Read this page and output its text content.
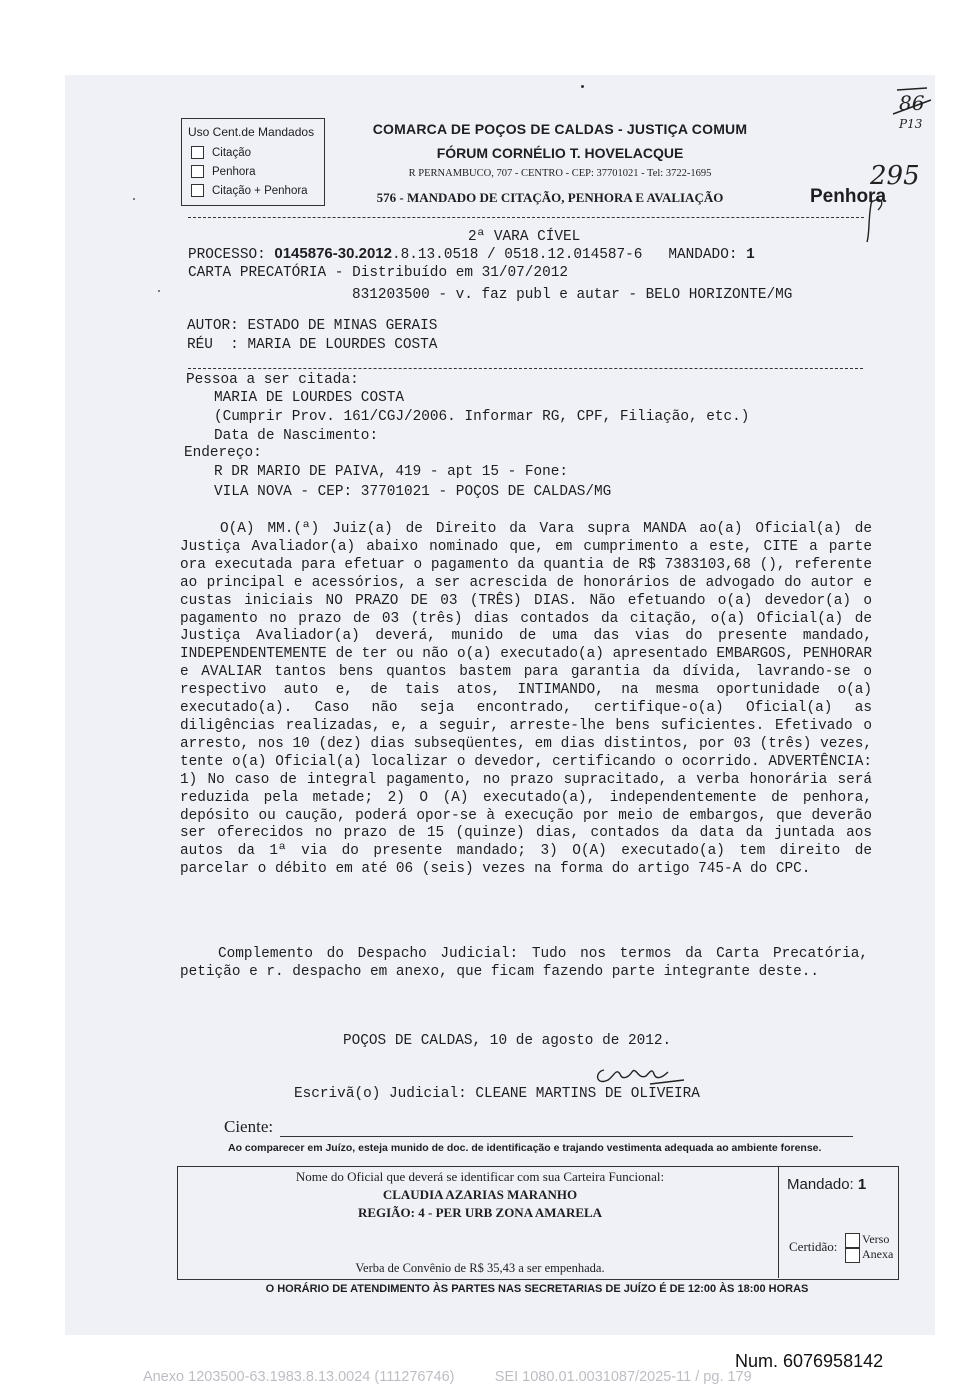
Uso Cent.de Mandados
Citação
Penhora
Citação + Penhora
COMARCA DE POÇOS DE CALDAS - JUSTIÇA COMUM
FÓRUM CORNÉLIO T. HOVELACQUE
R PERNAMBUCO, 707 - CENTRO - CEP: 37701021 - Tel: 3722-1695
576 - MANDADO DE CITAÇÃO, PENHORA E AVALIAÇÃO	Penhora
86
P13
295
2ª VARA CÍVEL
PROCESSO: 0145876-30.2012.8.13.0518 / 0518.12.014587-6 MANDADO: 1
CARTA PRECATÓRIA - Distribuído em 31/07/2012
831203500 - v. faz publ e autar - BELO HORIZONTE/MG
AUTOR: ESTADO DE MINAS GERAIS
RÉU  : MARIA DE LOURDES COSTA
Pessoa a ser citada:
MARIA DE LOURDES COSTA
(Cumprir Prov. 161/CGJ/2006. Informar RG, CPF, Filiação, etc.)
Data de Nascimento:
Endereço:
R DR MARIO DE PAIVA, 419 - apt 15 - Fone:
VILA NOVA - CEP: 37701021 - POÇOS DE CALDAS/MG
O(A) MM.(ª) Juiz(a) de Direito da Vara supra MANDA ao(a) Oficial(a) de Justiça Avaliador(a) abaixo nominado que, em cumprimento a este, CITE a parte ora executada para efetuar o pagamento da quantia de R$ 7383103,68 (), referente ao principal e acessórios, a ser acrescida de honorários de advogado do autor e custas iniciais NO PRAZO DE 03 (TRÊS) DIAS. Não efetuando o(a) devedor(a) o pagamento no prazo de 03 (três) dias contados da citação, o(a) Oficial(a) de Justiça Avaliador(a) deverá, munido de uma das vias do presente mandado, INDEPENDENTEMENTE de ter ou não o(a) executado(a) apresentado EMBARGOS, PENHORAR e AVALIAR tantos bens quantos bastem para garantia da dívida, lavrando-se o respectivo auto e, de tais atos, INTIMANDO, na mesma oportunidade o(a) executado(a). Caso não seja encontrado, certifique-o(a) Oficial(a) as diligências realizadas, e, a seguir, arreste-lhe bens suficientes. Efetivado o arresto, nos 10 (dez) dias subseqüentes, em dias distintos, por 03 (três) vezes, tente o(a) Oficial(a) localizar o devedor, certificando o ocorrido. ADVERTÊNCIA: 1) No caso de integral pagamento, no prazo supracitado, a verba honorária será reduzida pela metade; 2) O (A) executado(a), independentemente de penhora, depósito ou caução, poderá opor-se à execução por meio de embargos, que deverão ser oferecidos no prazo de 15 (quinze) dias, contados da data da juntada aos autos da 1ª via do presente mandado; 3) O(A) executado(a) tem direito de parcelar o débito em até 06 (seis) vezes na forma do artigo 745-A do CPC.
Complemento do Despacho Judicial: Tudo nos termos da Carta Precatória, petição e r. despacho em anexo, que ficam fazendo parte integrante deste..
POÇOS DE CALDAS, 10 de agosto de 2012.
Escrivã(o) Judicial: CLEANE MARTINS DE OLIVEIRA
Ciente:
Ao comparecer em Juízo, esteja munido de doc. de identificação e trajando vestimenta adequada ao ambiente forense.
Nome do Oficial que deverá se identificar com sua Carteira Funcional:
CLAUDIA AZARIAS MARANHO
REGIÃO: 4 - PER URB ZONA AMARELA
Verba de Convênio de R$ 35,43 a ser empenhada.
Mandado: 1
Certidão: Verso
Anexa
O HORÁRIO DE ATENDIMENTO ÀS PARTES NAS SECRETARIAS DE JUÍZO É DE 12:00 ÀS 18:00 HORAS
Num. 6076958142
Anexo 1203500-63.1983.8.13.0024 (111276746)          SEI 1080.01.0031087/2025-11 / pg. 179
